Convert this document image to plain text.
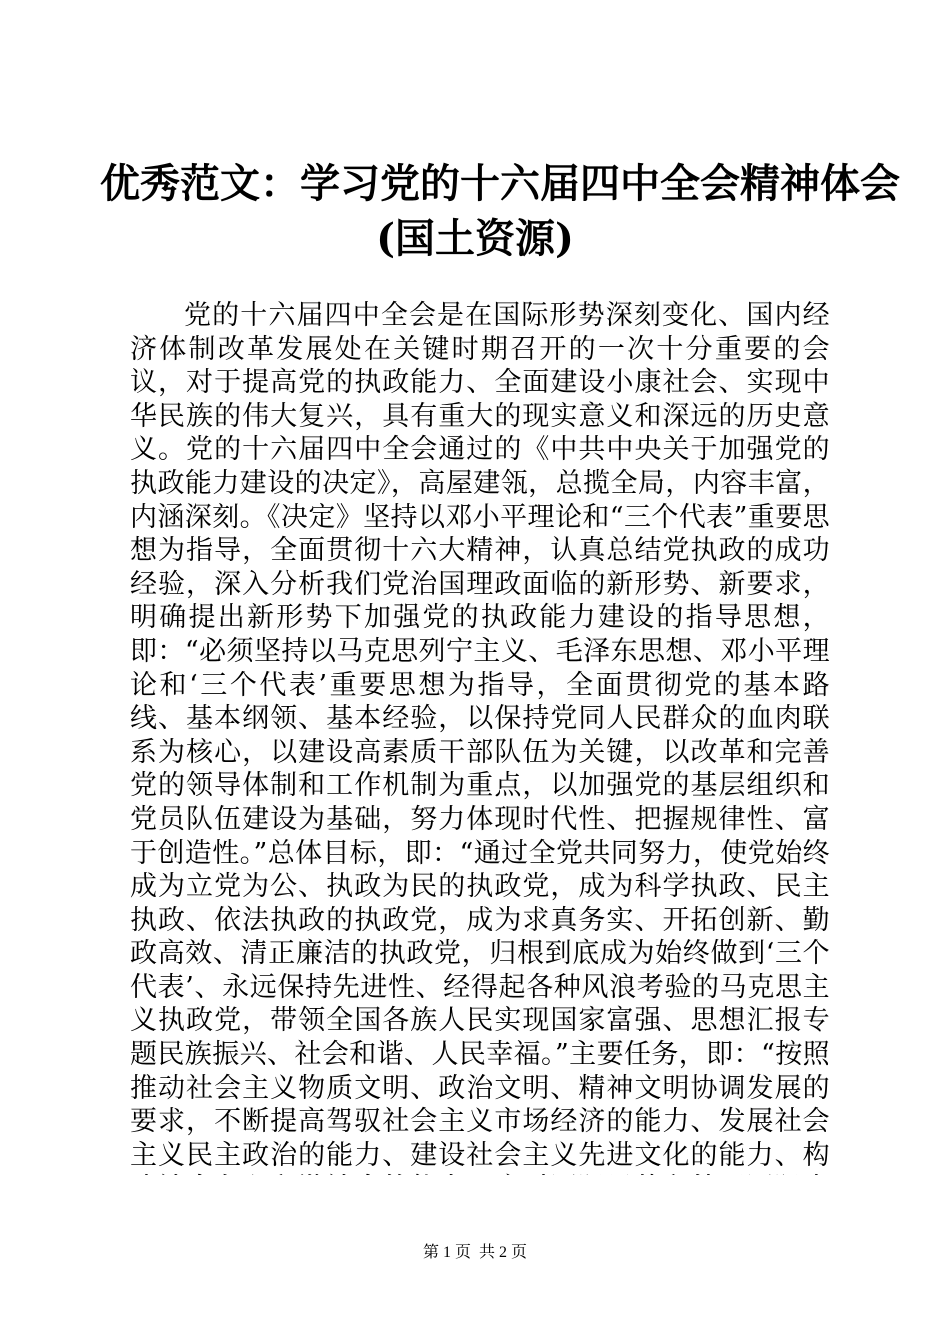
优秀范文：学习党的十六届四中全会精神体会
(国土资源)

党的十六届四中全会是在国际形势深刻变化、国内经济体制改革发展处在关键时期召开的一次十分重要的会议，对于提高党的执政能力、全面建设小康社会、实现中华民族的伟大复兴，具有重大的现实意义和深远的历史意义。党的十六届四中全会通过的《中共中央关于加强党的执政能力建设的决定》，高屋建瓴，总揽全局，内容丰富，内涵深刻。《决定》坚持以邓小平理论和“三个代表”重要思想为指导，全面贯彻十六大精神，认真总结党执政的成功经验，深入分析我们党治国理政面临的新形势、新要求，明确提出新形势下加强党的执政能力建设的指导思想，即：“必须坚持以马克思列宁主义、毛泽东思想、邓小平理论和‘三个代表’重要思想为指导，全面贯彻党的基本路线、基本纲领、基本经验，以保持党同人民群众的血肉联系为核心，以建设高素质干部队伍为关键，以改革和完善党的领导体制和工作机制为重点，以加强党的基层组织和党员队伍建设为基础，努力体现时代性、把握规律性、富于创造性。”总体目标，即：“通过全党共同努力，使党始终成为立党为公、执政为民的执政党，成为科学执政、民主执政、依法执政的执政党，成为求真务实、开拓创新、勤政高效、清正廉洁的执政党，归根到底成为始终做到‘三个代表’、永远保持先进性、经得起各种风浪考验的马克思主义执政党，带领全国各族人民实现国家富强、思想汇报专题民族振兴、社会和谐、人民幸福。”主要任务，即：“按照推动社会主义物质文明、政治文明、精神文明协调发展的要求，不断提高驾驭社会主义市场经济的能力、发展社会主义民主政治的能力、建设社会主义先进文化的能力、构

第 1 页  共 2 页
